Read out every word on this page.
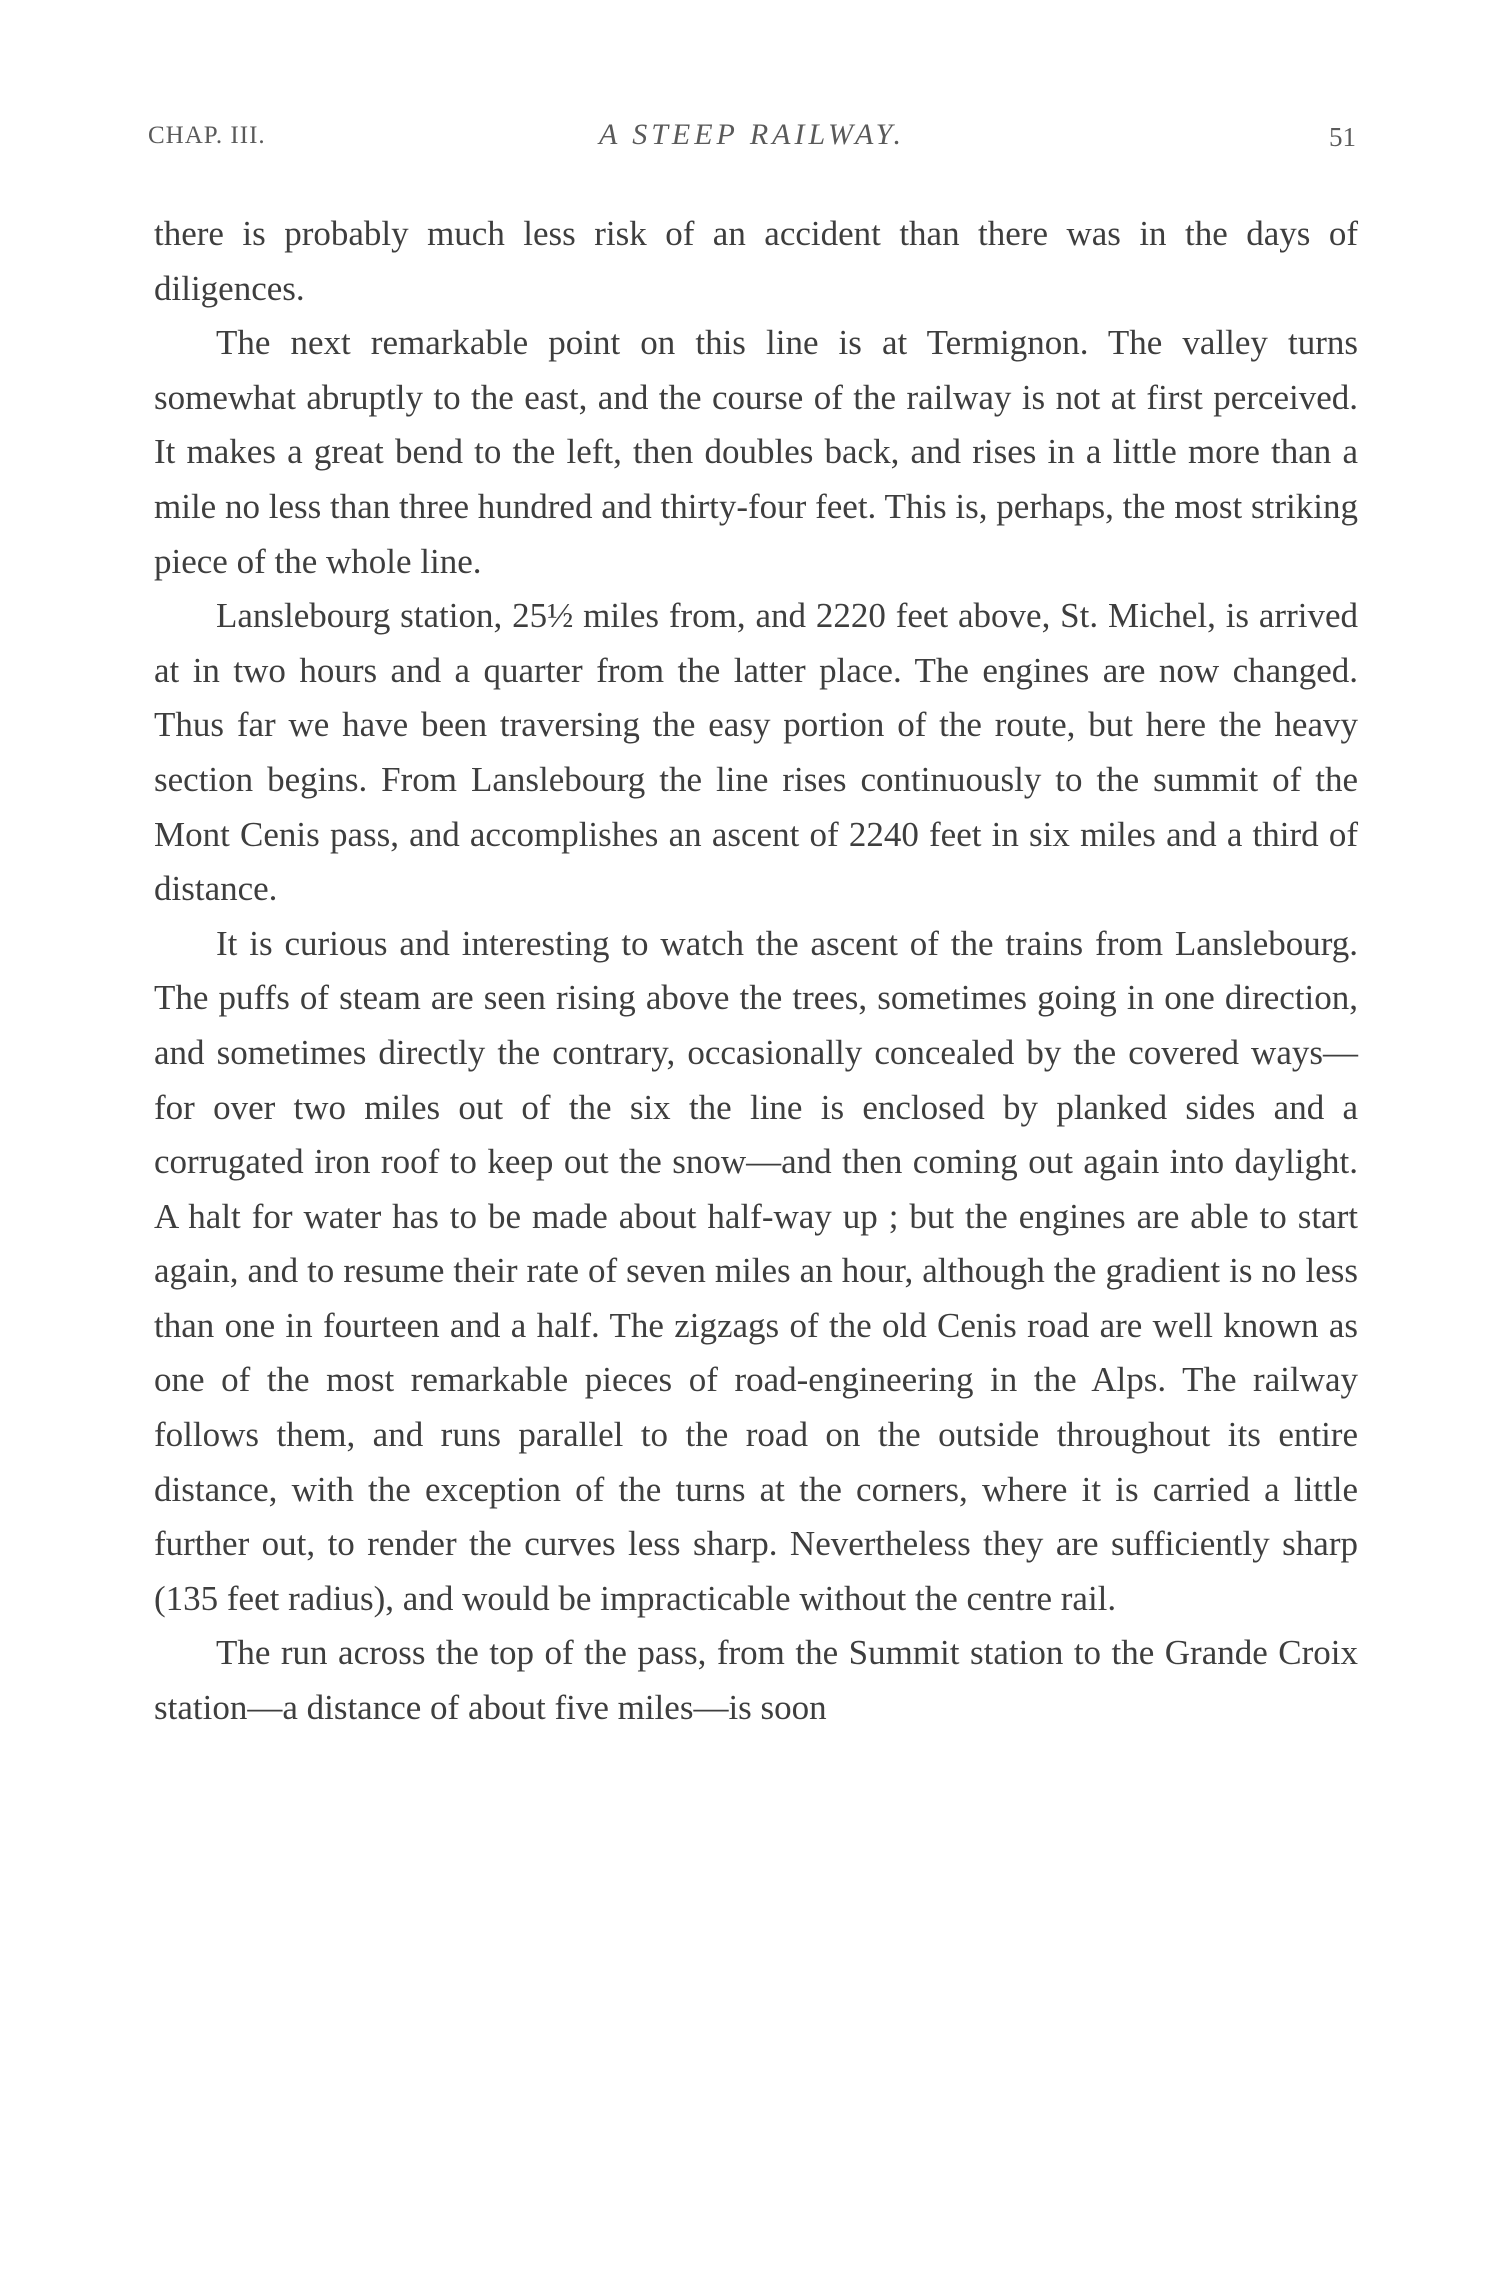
CHAP. III.	A STEEP RAILWAY.	51

there is probably much less risk of an accident than there was in the days of diligences.

The next remarkable point on this line is at Termignon. The valley turns somewhat abruptly to the east, and the course of the railway is not at first perceived. It makes a great bend to the left, then doubles back, and rises in a little more than a mile no less than three hundred and thirty-four feet. This is, perhaps, the most striking piece of the whole line.

Lanslebourg station, 25½ miles from, and 2220 feet above, St. Michel, is arrived at in two hours and a quarter from the latter place. The engines are now changed. Thus far we have been traversing the easy portion of the route, but here the heavy section begins. From Lanslebourg the line rises continuously to the summit of the Mont Cenis pass, and accomplishes an ascent of 2240 feet in six miles and a third of distance.

It is curious and interesting to watch the ascent of the trains from Lanslebourg. The puffs of steam are seen rising above the trees, sometimes going in one direction, and sometimes directly the contrary, occasionally concealed by the covered ways—for over two miles out of the six the line is enclosed by planked sides and a corrugated iron roof to keep out the snow—and then coming out again into daylight. A halt for water has to be made about half-way up ; but the engines are able to start again, and to resume their rate of seven miles an hour, although the gradient is no less than one in fourteen and a half. The zigzags of the old Cenis road are well known as one of the most remarkable pieces of road-engineering in the Alps. The railway follows them, and runs parallel to the road on the outside throughout its entire distance, with the exception of the turns at the corners, where it is carried a little further out, to render the curves less sharp. Nevertheless they are sufficiently sharp (135 feet radius), and would be impracticable without the centre rail.

The run across the top of the pass, from the Summit station to the Grande Croix station—a distance of about five miles—is soon
